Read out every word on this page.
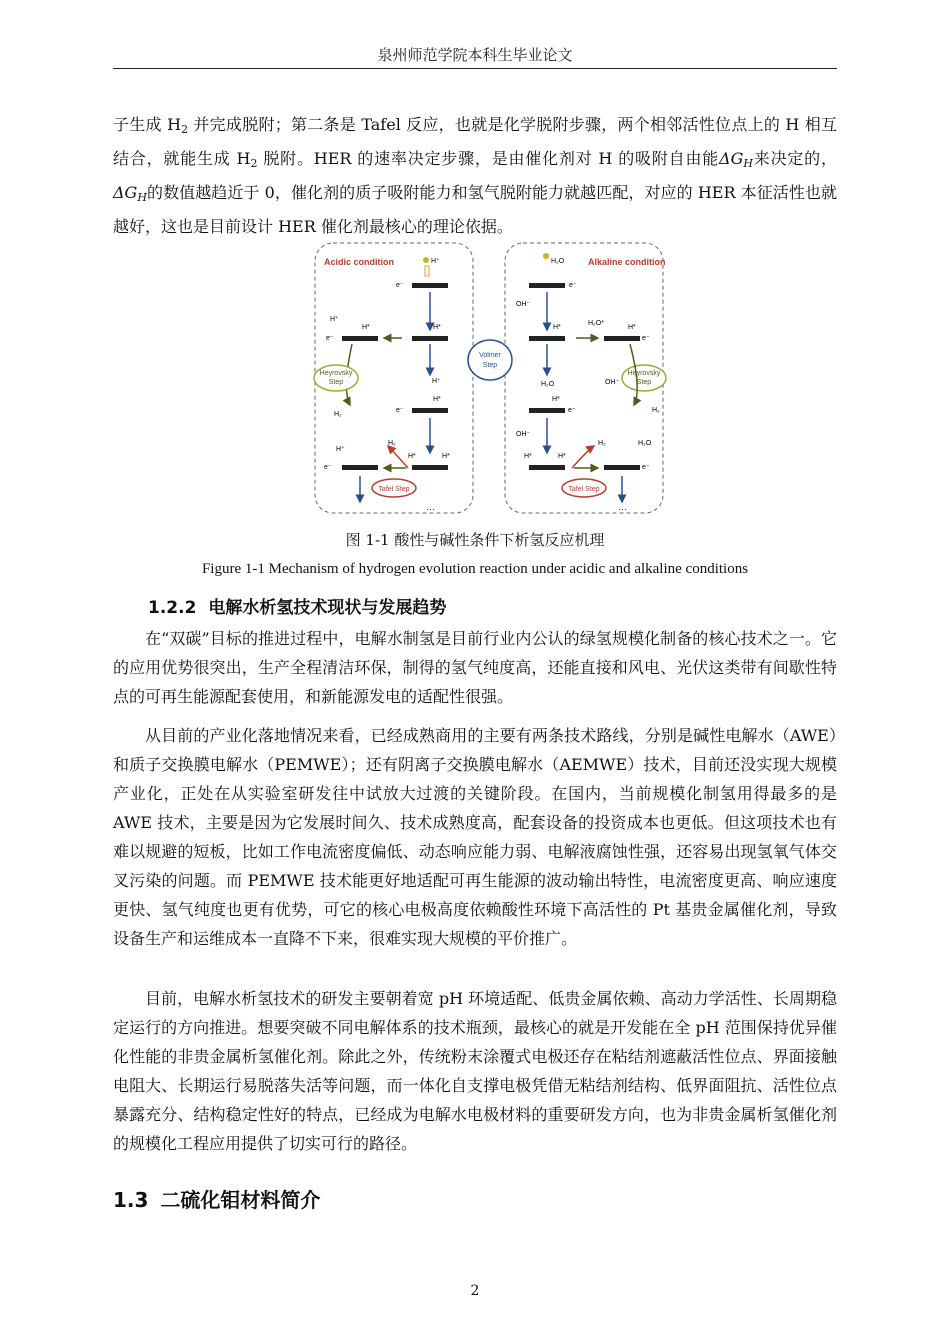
泉州师范学院本科生毕业论文

子生成 $H_2$ 并完成脱附；第二条是 Tafel 反应，也就是化学脱附步骤，两个相邻活性位点上的 H 相互结合，就能生成 $H_2$ 脱附。HER 的速率决定步骤，是由催化剂对 H 的吸附自由能$\Delta G_H$来决定的，$\Delta G_H$的数值越趋近于 0，催化剂的质子吸附能力和氢气脱附能力就越匹配，对应的 HER 本征活性也就越好，这也是目前设计 HER 催化剂最核心的理论依据。

Acidic condition	Alkaline condition
H⁺
e⁻
H⁺
H*	H*
e⁻
H⁺
H*
e⁻
H₂
H⁺
H₂
H*	H*
e⁻
…
Heyrovsky
Step
Heyrovsky
Step
Volmer
Step
Tafel Step	Tafel Step
H₂O
e⁻
OH⁻
H*
H₂O*
H*
e⁻
H₂O	OH⁻
H*
H₂
e⁻
OH⁻
H₂	H₂O
H*	H*
e⁻
…
图 1-1 酸性与碱性条件下析氢反应机理
Figure 1-1 Mechanism of hydrogen evolution reaction under acidic and alkaline conditions
1.2.2 电解水析氢技术现状与发展趋势

在“双碳”目标的推进过程中，电解水制氢是目前行业内公认的绿氢规模化制备的核心技术之一。它的应用优势很突出，生产全程清洁环保，制得的氢气纯度高，还能直接和风电、光伏这类带有间歇性特点的可再生能源配套使用，和新能源发电的适配性很强。

从目前的产业化落地情况来看，已经成熟商用的主要有两条技术路线，分别是碱性电解水（AWE）和质子交换膜电解水（PEMWE）；还有阴离子交换膜电解水（AEMWE）技术，目前还没实现大规模产业化，正处在从实验室研发往中试放大过渡的关键阶段。在国内，当前规模化制氢用得最多的是 AWE 技术，主要是因为它发展时间久、技术成熟度高，配套设备的投资成本也更低。但这项技术也有难以规避的短板，比如工作电流密度偏低、动态响应能力弱、电解液腐蚀性强，还容易出现氢氧气体交叉污染的问题。而 PEMWE 技术能更好地适配可再生能源的波动输出特性，电流密度更高、响应速度更快、氢气纯度也更有优势，可它的核心电极高度依赖酸性环境下高活性的 Pt 基贵金属催化剂，导致设备生产和运维成本一直降不下来，很难实现大规模的平价推广。

目前，电解水析氢技术的研发主要朝着宽 pH 环境适配、低贵金属依赖、高动力学活性、长周期稳定运行的方向推进。想要突破不同电解体系的技术瓶颈，最核心的就是开发能在全 pH 范围保持优异催化性能的非贵金属析氢催化剂。除此之外，传统粉末涂覆式电极还存在粘结剂遮蔽活性位点、界面接触电阻大、长期运行易脱落失活等问题，而一体化自支撑电极凭借无粘结剂结构、低界面阻抗、活性位点暴露充分、结构稳定性好的特点，已经成为电解水电极材料的重要研发方向，也为非贵金属析氢催化剂的规模化工程应用提供了切实可行的路径。

1.3 二硫化钼材料简介
2
